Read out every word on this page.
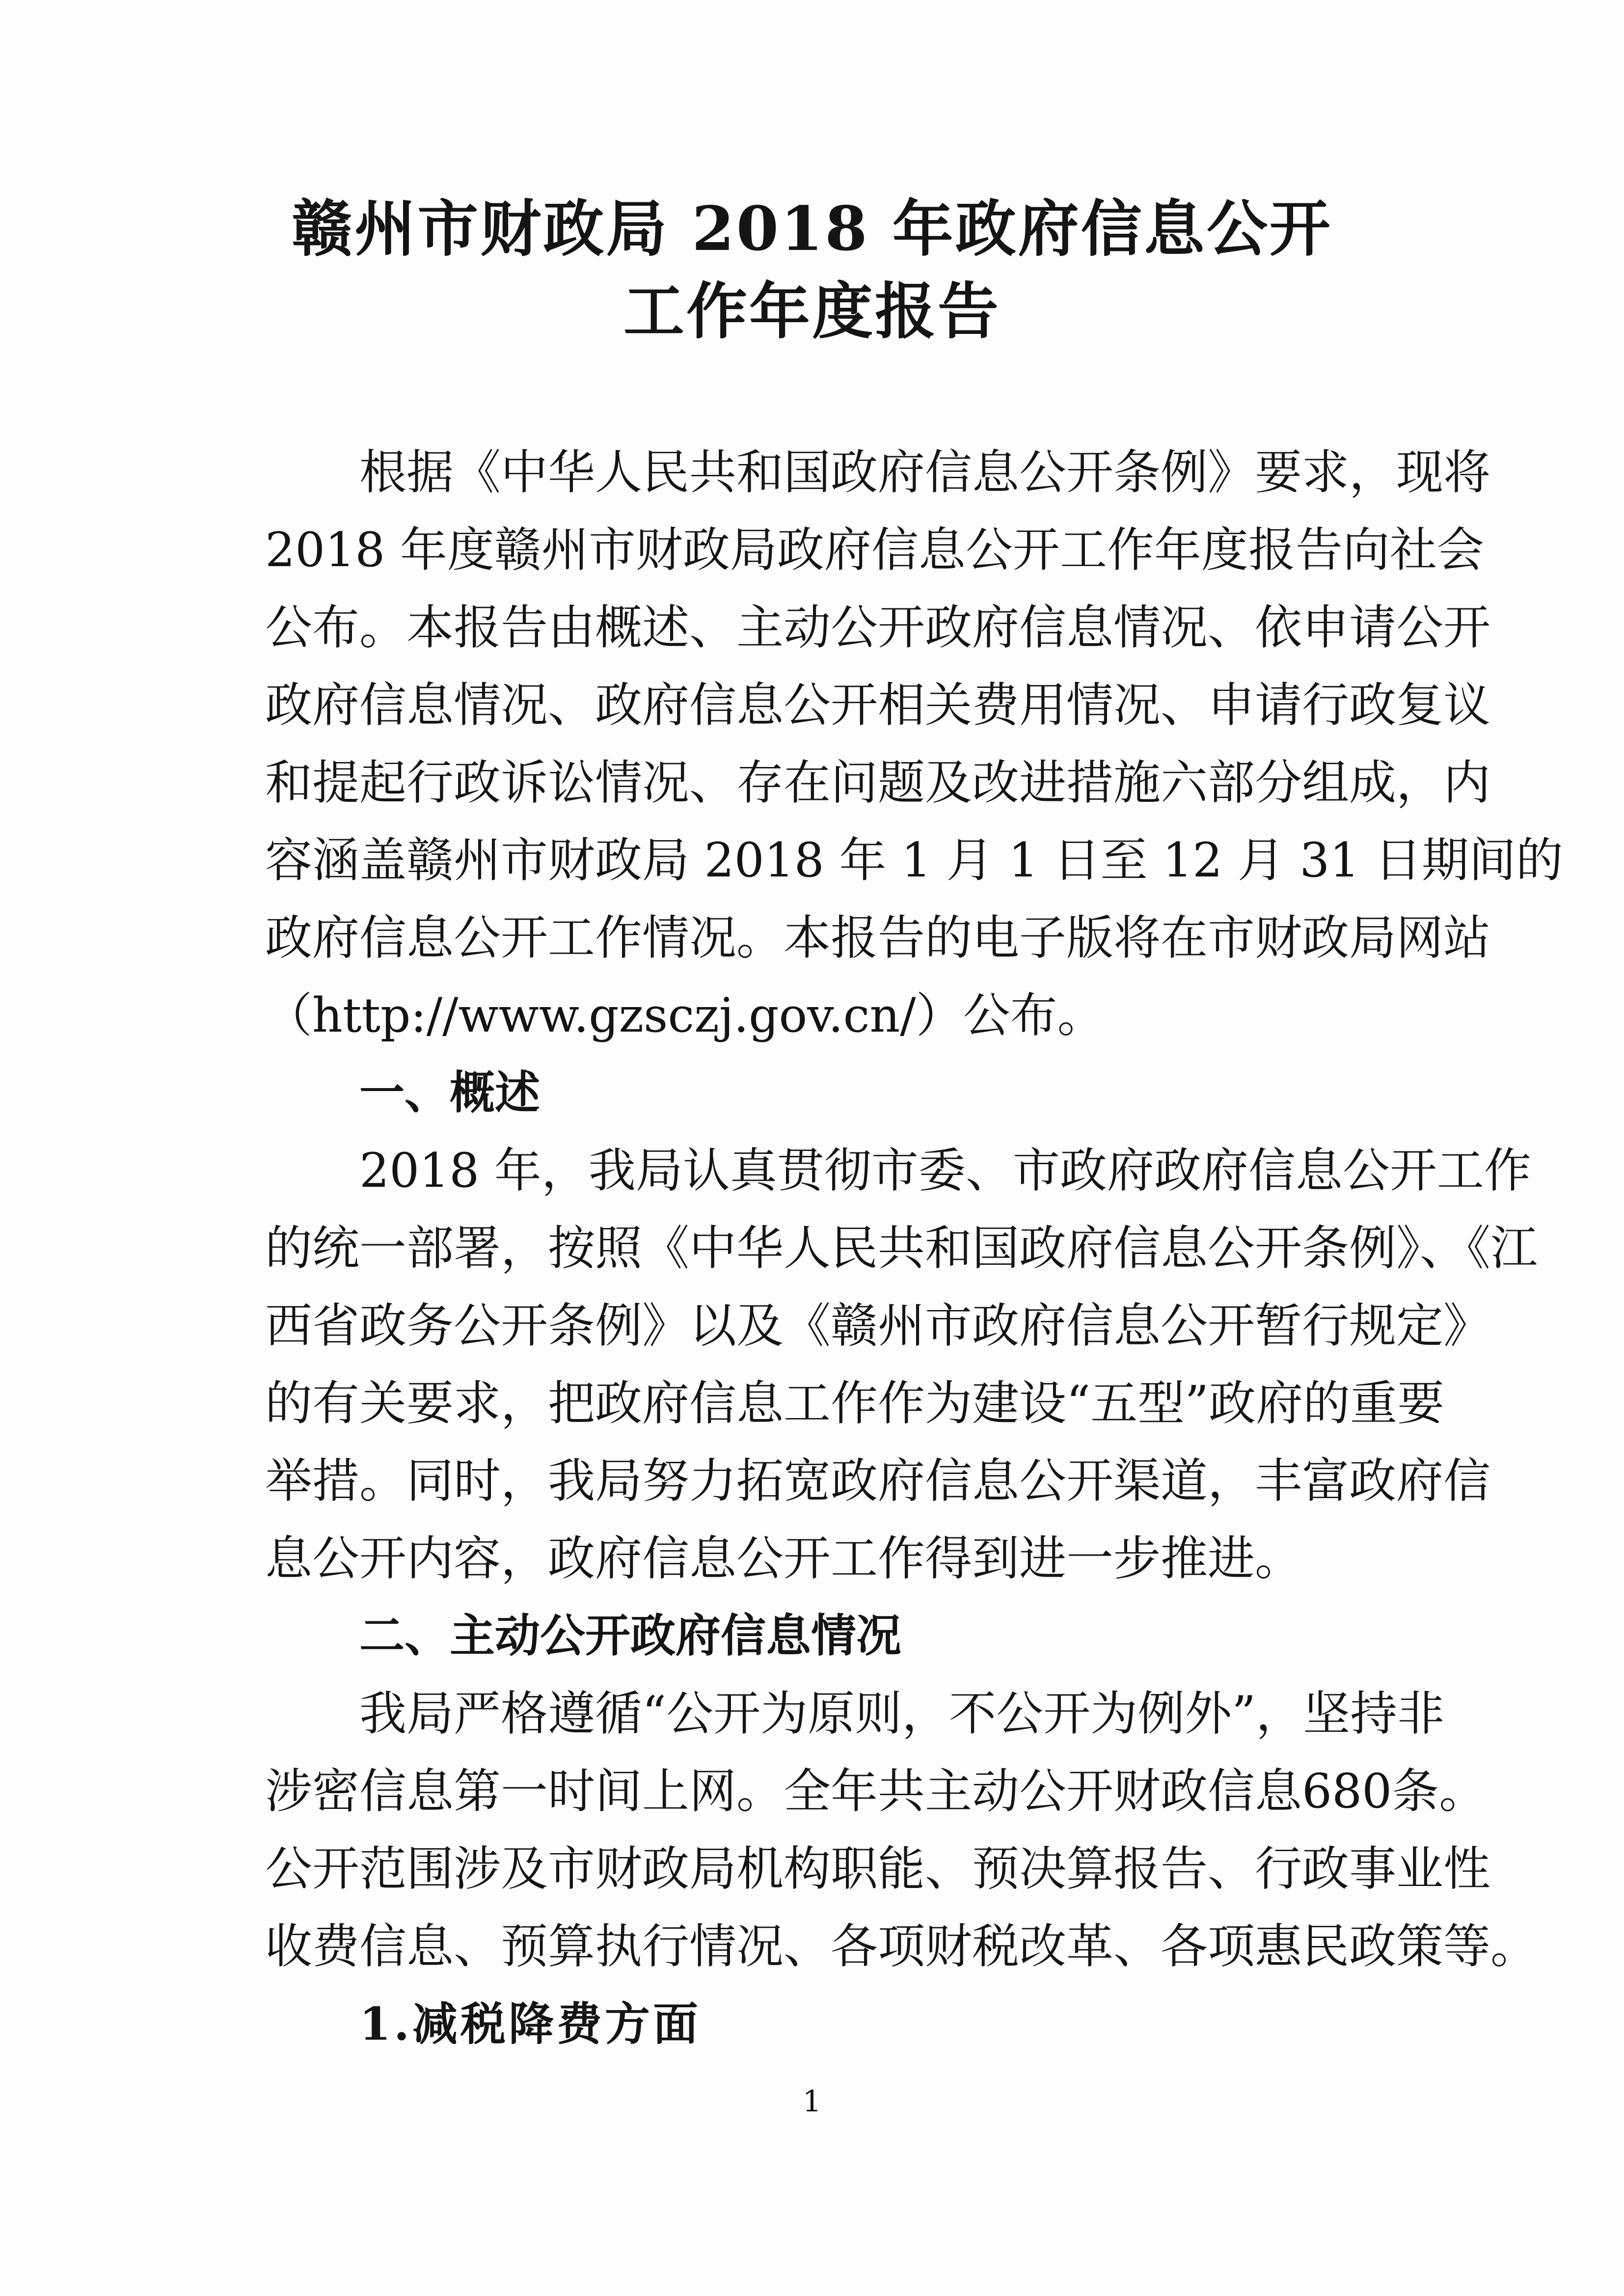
赣州市财政局 2018 年政府信息公开
工作年度报告
根据《中华人民共和国政府信息公开条例》要求，现将
2018 年度赣州市财政局政府信息公开工作年度报告向社会
公布。本报告由概述、主动公开政府信息情况、依申请公开
政府信息情况、政府信息公开相关费用情况、申请行政复议
和提起行政诉讼情况、存在问题及改进措施六部分组成，内
容涵盖赣州市财政局 2018 年 1 月 1 日至 12 月 31 日期间的
政府信息公开工作情况。本报告的电子版将在市财政局网站
（http://www.gzsczj.gov.cn/）公布。
一、概述
2018 年，我局认真贯彻市委、市政府政府信息公开工作
的统一部署，按照《中华人民共和国政府信息公开条例》、《江
西省政务公开条例》以及《赣州市政府信息公开暂行规定》
的有关要求，把政府信息工作作为建设“五型”政府的重要
举措。同时，我局努力拓宽政府信息公开渠道，丰富政府信
息公开内容，政府信息公开工作得到进一步推进。
二、主动公开政府信息情况
我局严格遵循“公开为原则，不公开为例外”，坚持非
涉密信息第一时间上网。全年共主动公开财政信息680条。
公开范围涉及市财政局机构职能、预决算报告、行政事业性
收费信息、预算执行情况、各项财税改革、各项惠民政策等。
1.减税降费方面
1
